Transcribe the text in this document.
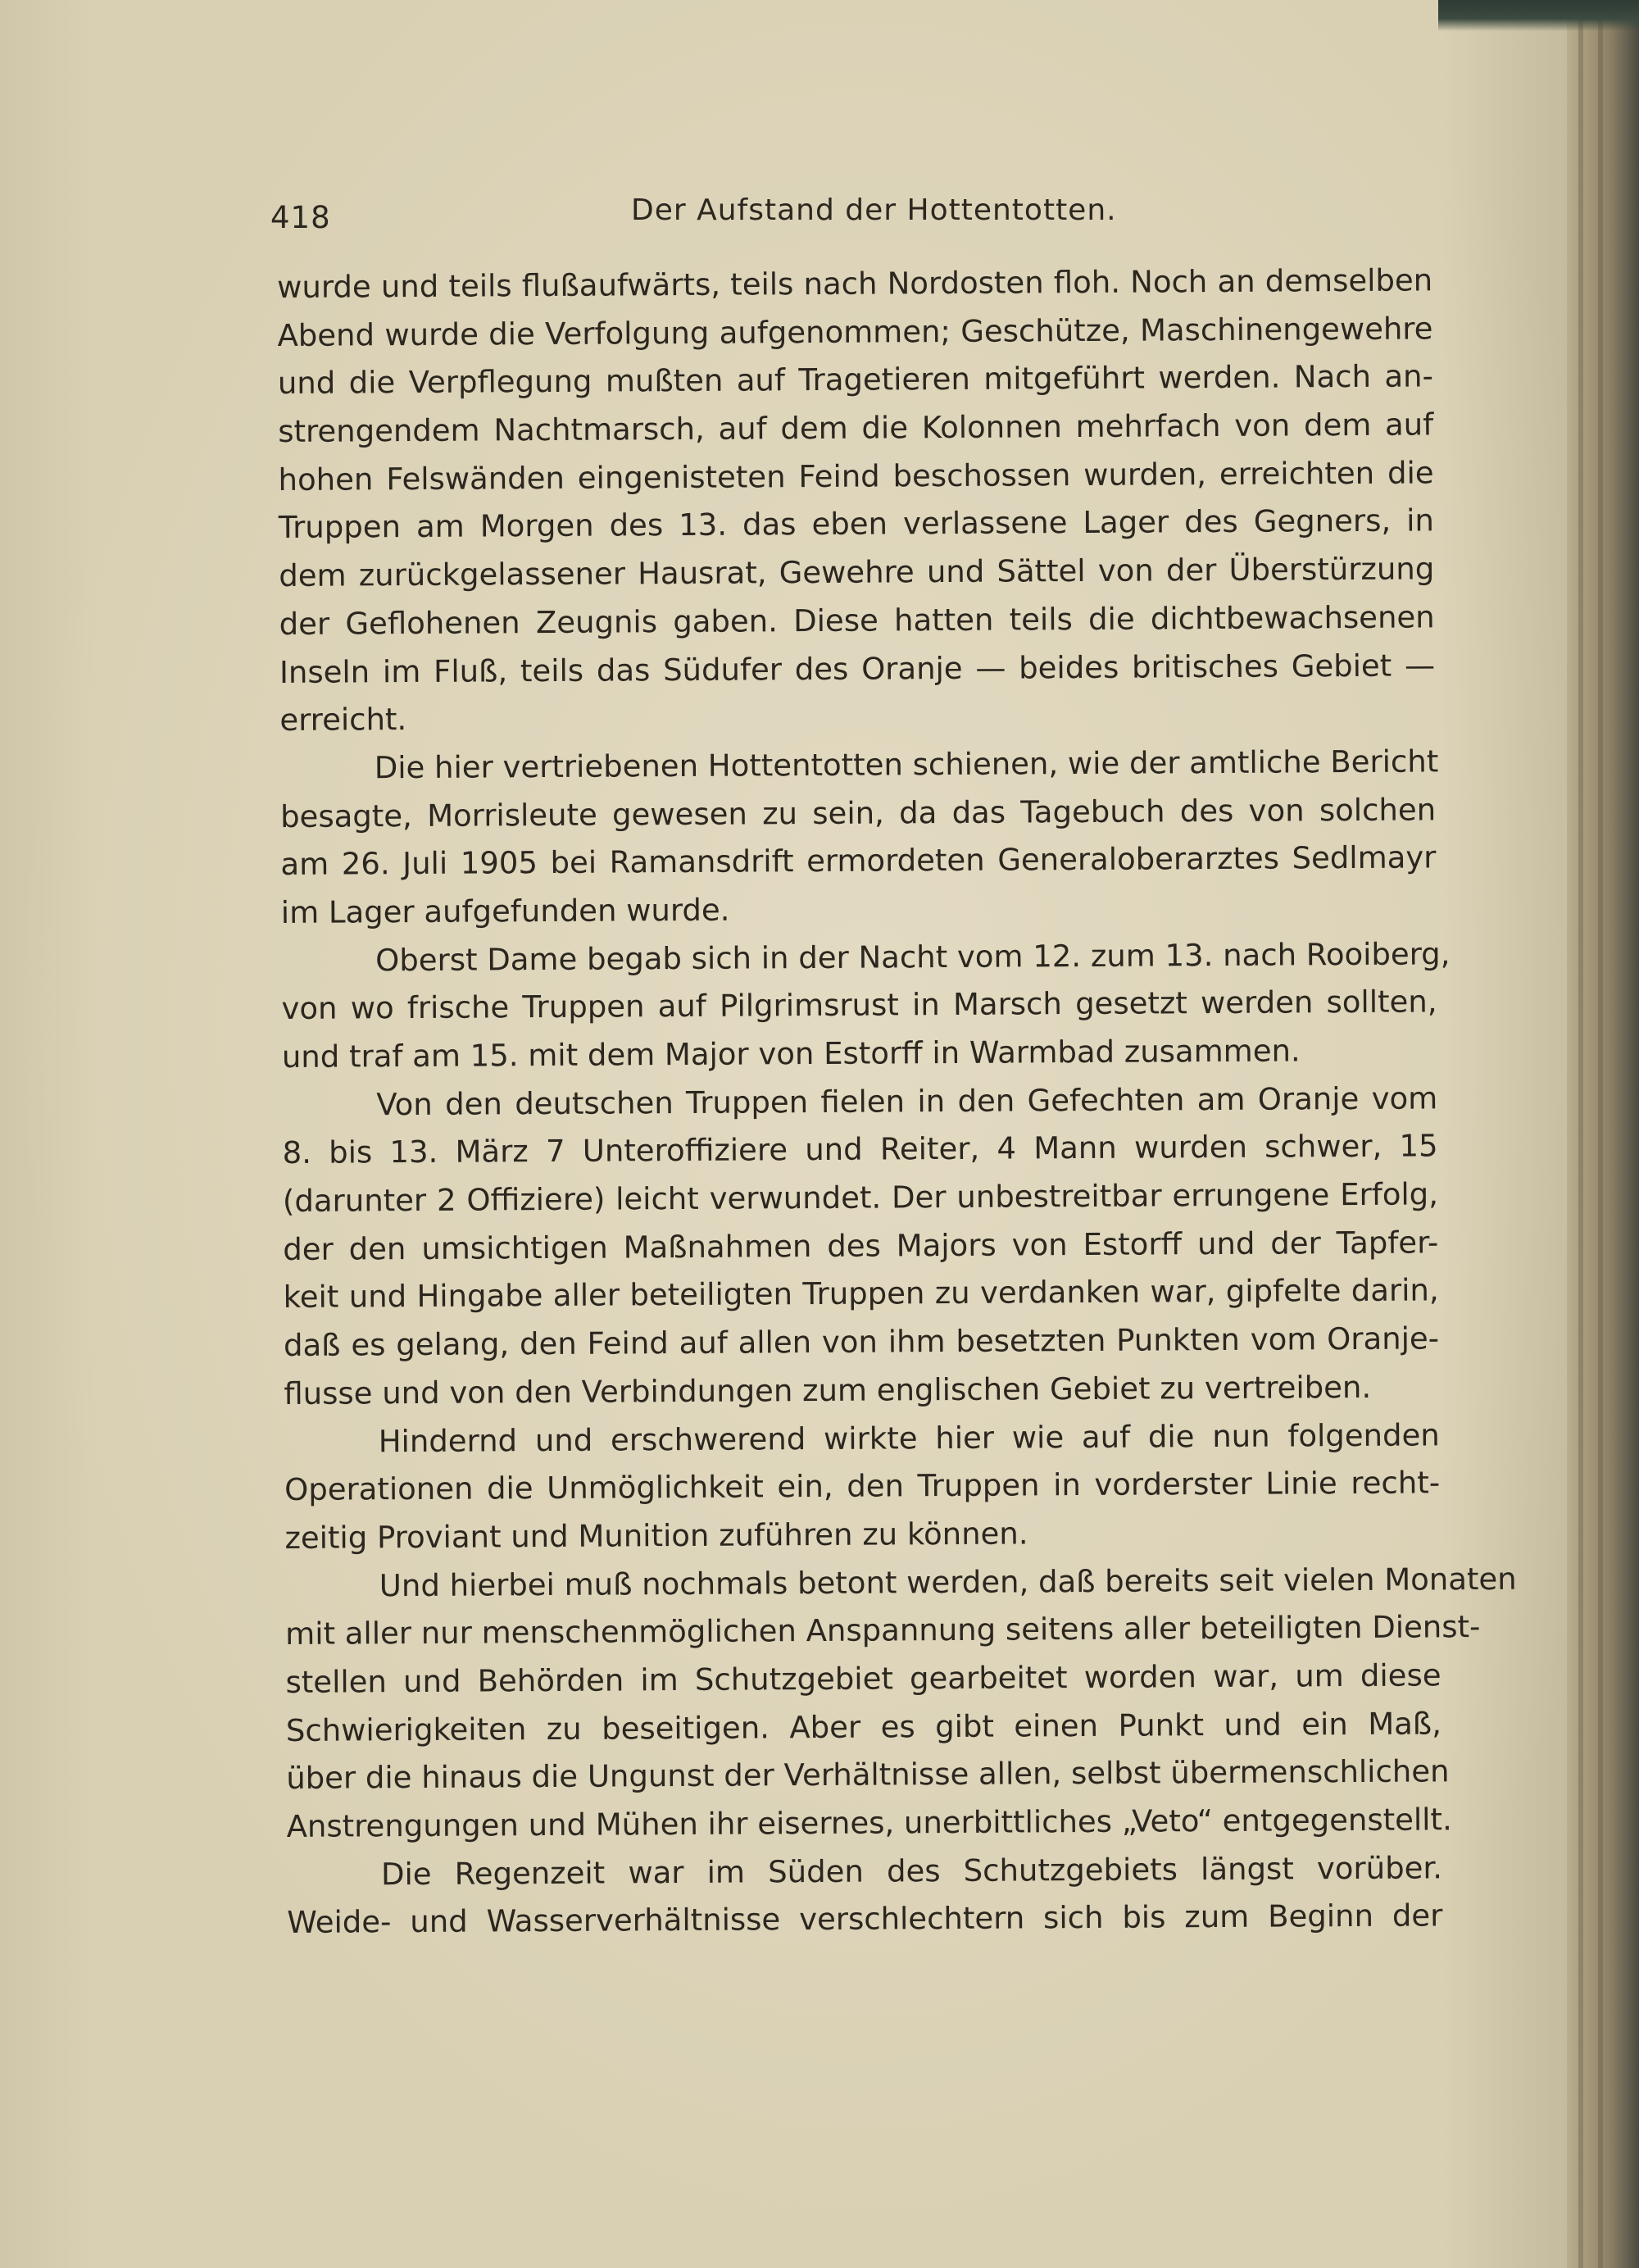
418	Der Aufstand der Hottentotten.
wurde und teils flußaufwärts, teils nach Nordosten floh. Noch an demselben
Abend wurde die Verfolgung aufgenommen; Geschütze, Maschinengewehre
und die Verpflegung mußten auf Tragetieren mitgeführt werden. Nach an-
strengendem Nachtmarsch, auf dem die Kolonnen mehrfach von dem auf
hohen Felswänden eingenisteten Feind beschossen wurden, erreichten die
Truppen am Morgen des 13. das eben verlassene Lager des Gegners, in
dem zurückgelassener Hausrat, Gewehre und Sättel von der Überstürzung
der Geflohenen Zeugnis gaben. Diese hatten teils die dichtbewachsenen
Inseln im Fluß, teils das Südufer des Oranje — beides britisches Gebiet —
erreicht.
Die hier vertriebenen Hottentotten schienen, wie der amtliche Bericht
besagte, Morrisleute gewesen zu sein, da das Tagebuch des von solchen
am 26. Juli 1905 bei Ramansdrift ermordeten Generaloberarztes Sedlmayr
im Lager aufgefunden wurde.
Oberst Dame begab sich in der Nacht vom 12. zum 13. nach Rooiberg,
von wo frische Truppen auf Pilgrimsrust in Marsch gesetzt werden sollten,
und traf am 15. mit dem Major von Estorff in Warmbad zusammen.
Von den deutschen Truppen fielen in den Gefechten am Oranje vom
8. bis 13. März 7 Unteroffiziere und Reiter, 4 Mann wurden schwer, 15
(darunter 2 Offiziere) leicht verwundet. Der unbestreitbar errungene Erfolg,
der den umsichtigen Maßnahmen des Majors von Estorff und der Tapfer-
keit und Hingabe aller beteiligten Truppen zu verdanken war, gipfelte darin,
daß es gelang, den Feind auf allen von ihm besetzten Punkten vom Oranje-
flusse und von den Verbindungen zum englischen Gebiet zu vertreiben.
Hindernd und erschwerend wirkte hier wie auf die nun folgenden
Operationen die Unmöglichkeit ein, den Truppen in vorderster Linie recht-
zeitig Proviant und Munition zuführen zu können.
Und hierbei muß nochmals betont werden, daß bereits seit vielen Monaten
mit aller nur menschenmöglichen Anspannung seitens aller beteiligten Dienst-
stellen und Behörden im Schutzgebiet gearbeitet worden war, um diese
Schwierigkeiten zu beseitigen. Aber es gibt einen Punkt und ein Maß,
über die hinaus die Ungunst der Verhältnisse allen, selbst übermenschlichen
Anstrengungen und Mühen ihr eisernes, unerbittliches „Veto“ entgegenstellt.
Die Regenzeit war im Süden des Schutzgebiets längst vorüber.
Weide- und Wasserverhältnisse verschlechtern sich bis zum Beginn der
